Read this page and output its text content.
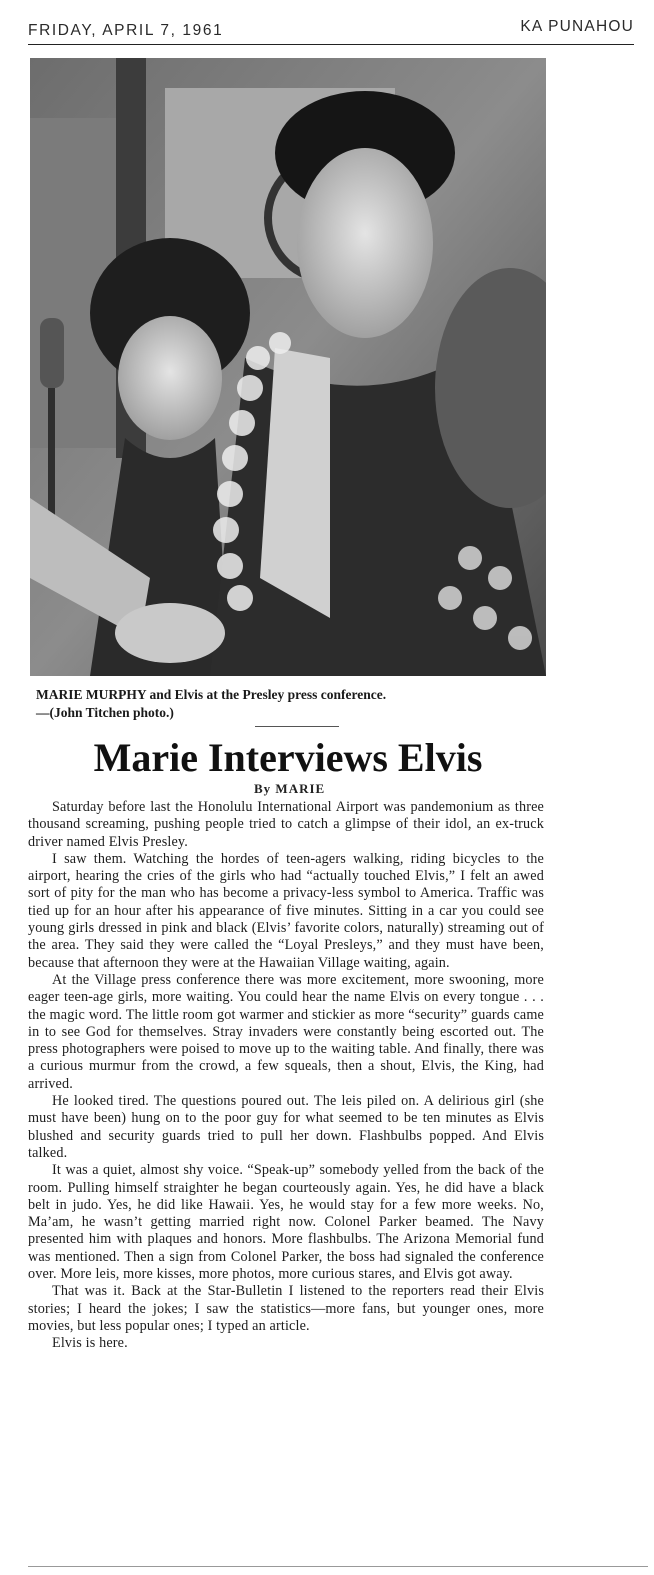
FRIDAY, APRIL 7, 1961	KA PUNAHOU
MARIE MURPHY and Elvis at the Presley press conference.
—(John Titchen photo.)
Marie Interviews Elvis
By MARIE

Saturday before last the Honolulu International Airport was pandemonium as three thousand screaming, pushing people tried to catch a glimpse of their idol, an ex-truck driver named Elvis Presley.

I saw them. Watching the hordes of teen-agers walking, riding bicycles to the airport, hearing the cries of the girls who had “actually touched Elvis,” I felt an awed sort of pity for the man who has become a privacy-less symbol to America. Traffic was tied up for an hour after his appearance of five minutes. Sitting in a car you could see young girls dressed in pink and black (Elvis’ favorite colors, naturally) streaming out of the area. They said they were called the “Loyal Presleys,” and they must have been, because that afternoon they were at the Hawaiian Village waiting, again.

At the Village press conference there was more excitement, more swooning, more eager teen-age girls, more waiting. You could hear the name Elvis on every tongue . . . the magic word. The little room got warmer and stickier as more “security” guards came in to see God for themselves. Stray invaders were constantly being escorted out. The press photographers were poised to move up to the waiting table. And finally, there was a curious murmur from the crowd, a few squeals, then a shout, Elvis, the King, had arrived.

He looked tired. The questions poured out. The leis piled on. A delirious girl (she must have been) hung on to the poor guy for what seemed to be ten minutes as Elvis blushed and security guards tried to pull her down. Flashbulbs popped. And Elvis talked.

It was a quiet, almost shy voice. “Speak-up” somebody yelled from the back of the room. Pulling himself straighter he began courteously again. Yes, he did have a black belt in judo. Yes, he did like Hawaii. Yes, he would stay for a few more weeks. No, Ma’am, he wasn’t getting married right now. Colonel Parker beamed. The Navy presented him with plaques and honors. More flashbulbs. The Arizona Memorial fund was mentioned. Then a sign from Colonel Parker, the boss had signaled the conference over. More leis, more kisses, more photos, more curious stares, and Elvis got away.

That was it. Back at the Star-Bulletin I listened to the reporters read their Elvis stories; I heard the jokes; I saw the statistics—more fans, but younger ones, more movies, but less popular ones; I typed an article.

Elvis is here.
